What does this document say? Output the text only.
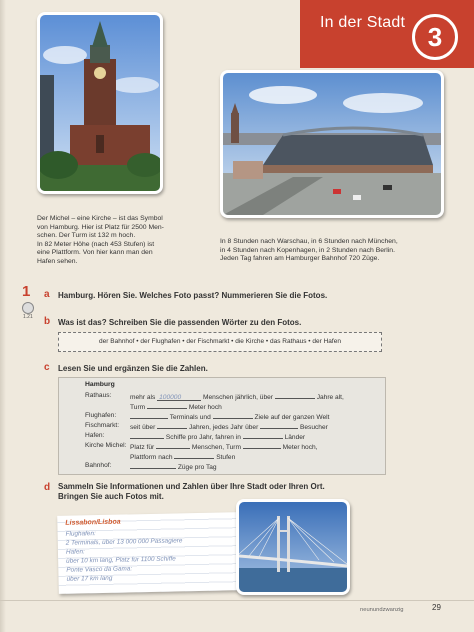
In der Stadt 3
Der Michel – eine Kirche – ist das Symbol
von Hamburg. Hier ist Platz für 2500 Men-
schen. Der Turm ist 132 m hoch.
In 82 Meter Höhe (nach 453 Stufen) ist
eine Plattform. Von hier kann man den
Hafen sehen.
In 8 Stunden nach Warschau, in 6 Stunden nach München,
in 4 Stunden nach Kopenhagen, in 2 Stunden nach Berlin.
Jeden Tag fahren am Hamburger Bahnhof 720 Züge.
1
1.21
a Hamburg. Hören Sie. Welches Foto passt? Nummerieren Sie die Fotos.
b Was ist das? Schreiben Sie die passenden Wörter zu den Fotos.
der Bahnhof • der Flughafen • der Fischmarkt • die Kirche • das Rathaus • der Hafen
c Lesen Sie und ergänzen Sie die Zahlen.
Hamburg
Rathaus:	mehr als 100000	Menschen jährlich, über	Jahre alt,
Turm	Meter hoch
Flughafen:	Terminals und	Ziele auf der ganzen Welt
Fischmarkt: seit über	Jahren, jedes Jahr über	Besucher
Hafen:	Schiffe pro Jahr, fahren in	Länder
Kirche Michel: Platz für	Menschen, Turm	Meter hoch,
Plattform nach	Stufen
Bahnhof:	Züge pro Tag
d Sammeln Sie Informationen und Zahlen über Ihre Stadt oder Ihren Ort.
Bringen Sie auch Fotos mit.
Lissabon/Lisboa
Flughafen:
2 Terminals, über 13 000 000 Passagiere
Hafen:
über 10 km lang, Platz für 1100 Schiffe
Ponte Vasco da Gama:
über 17 km lang
neunundzwanzig	29
